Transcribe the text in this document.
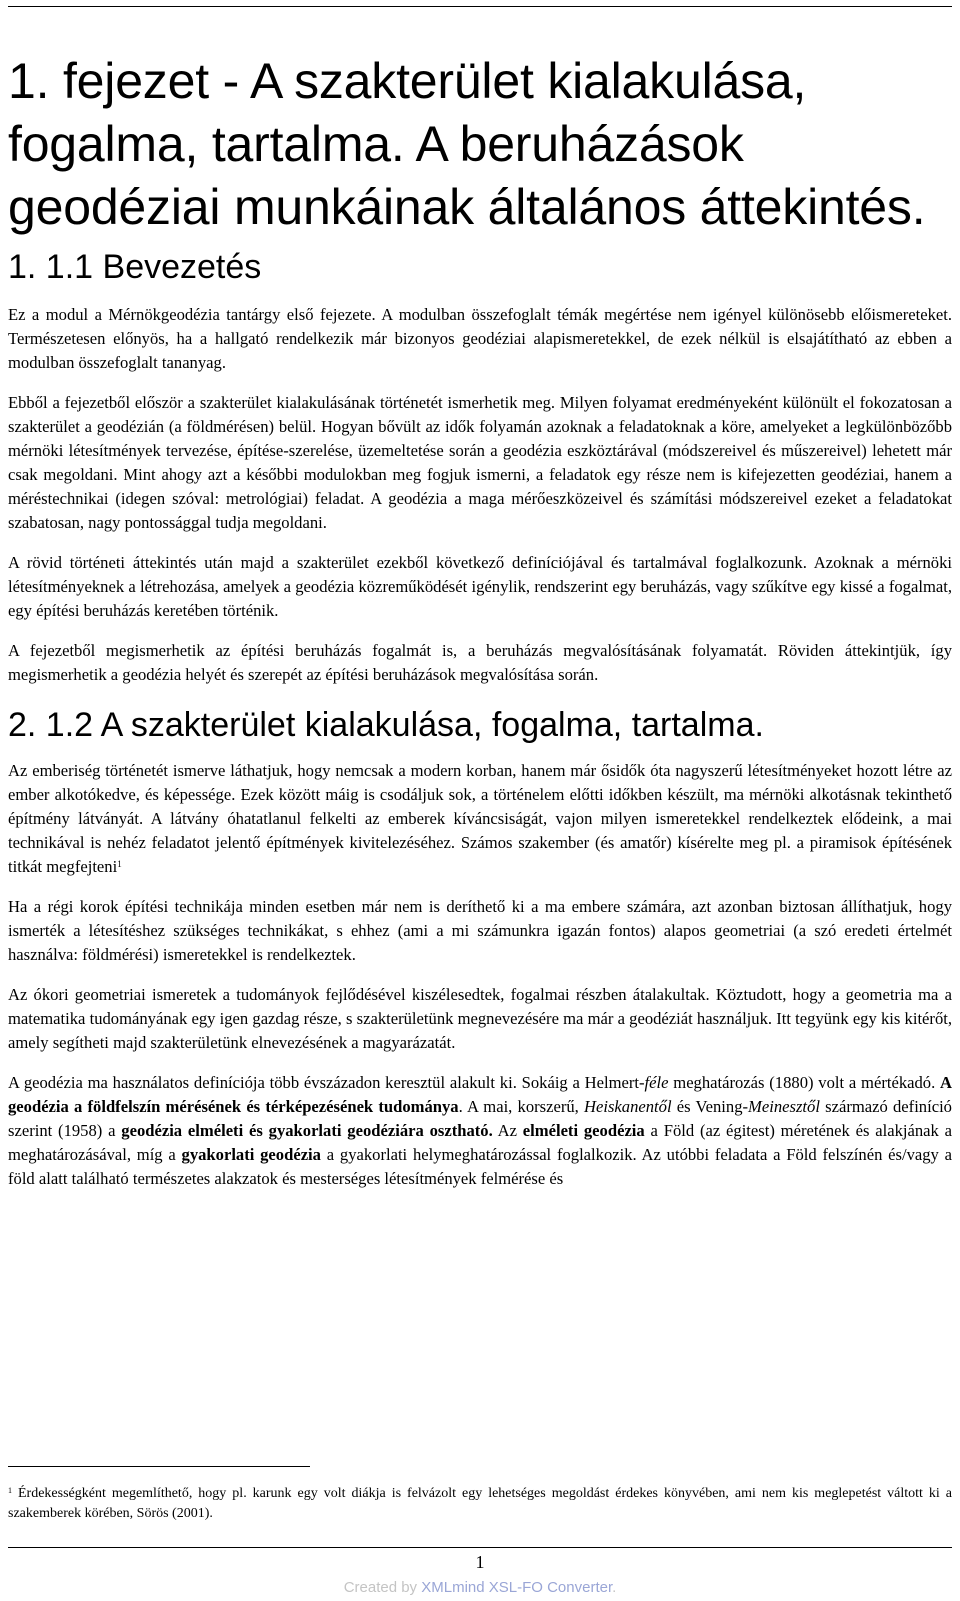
1. fejezet - A szakterület kialakulása, fogalma, tartalma. A beruházások geodéziai munkáinak általános áttekintés.
1. 1.1 Bevezetés

Ez a modul a Mérnökgeodézia tantárgy első fejezete. A modulban összefoglalt témák megértése nem igényel különösebb előismereteket. Természetesen előnyös, ha a hallgató rendelkezik már bizonyos geodéziai alapismeretekkel, de ezek nélkül is elsajátítható az ebben a modulban összefoglalt tananyag.

Ebből a fejezetből először a szakterület kialakulásának történetét ismerhetik meg. Milyen folyamat eredményeként különült el fokozatosan a szakterület a geodézián (a földmérésen) belül. Hogyan bővült az idők folyamán azoknak a feladatoknak a köre, amelyeket a legkülönbözőbb mérnöki létesítmények tervezése, építése-szerelése, üzemeltetése során a geodézia eszköztárával (módszereivel és műszereivel) lehetett már csak megoldani. Mint ahogy azt a későbbi modulokban meg fogjuk ismerni, a feladatok egy része nem is kifejezetten geodéziai, hanem a méréstechnikai (idegen szóval: metrológiai) feladat. A geodézia a maga mérőeszközeivel és számítási módszereivel ezeket a feladatokat szabatosan, nagy pontossággal tudja megoldani.

A rövid történeti áttekintés után majd a szakterület ezekből következő definíciójával és tartalmával foglalkozunk. Azoknak a mérnöki létesítményeknek a létrehozása, amelyek a geodézia közreműködését igénylik, rendszerint egy beruházás, vagy szűkítve egy kissé a fogalmat, egy építési beruházás keretében történik.

A fejezetből megismerhetik az építési beruházás fogalmát is, a beruházás megvalósításának folyamatát. Röviden áttekintjük, így megismerhetik a geodézia helyét és szerepét az építési beruházások megvalósítása során.

2. 1.2 A szakterület kialakulása, fogalma, tartalma.

Az emberiség történetét ismerve láthatjuk, hogy nemcsak a modern korban, hanem már ősidők óta nagyszerű létesítményeket hozott létre az ember alkotókedve, és képessége. Ezek között máig is csodáljuk sok, a történelem előtti időkben készült, ma mérnöki alkotásnak tekinthető építmény látványát. A látvány óhatatlanul felkelti az emberek kíváncsiságát, vajon milyen ismeretekkel rendelkeztek elődeink, a mai technikával is nehéz feladatot jelentő építmények kivitelezéséhez. Számos szakember (és amatőr) kísérelte meg pl. a piramisok építésének titkát megfejteni$^1$

Ha a régi korok építési technikája minden esetben már nem is deríthető ki a ma embere számára, azt azonban biztosan állíthatjuk, hogy ismerték a létesítéshez szükséges technikákat, s ehhez (ami a mi számunkra igazán fontos) alapos geometriai (a szó eredeti értelmét használva: földmérési) ismeretekkel is rendelkeztek.

Az ókori geometriai ismeretek a tudományok fejlődésével kiszélesedtek, fogalmai részben átalakultak. Köztudott, hogy a geometria ma a matematika tudományának egy igen gazdag része, s szakterületünk megnevezésére ma már a geodéziát használjuk. Itt tegyünk egy kis kitérőt, amely segítheti majd szakterületünk elnevezésének a magyarázatát.

A geodézia ma használatos definíciója több évszázadon keresztül alakult ki. Sokáig a Helmert-féle meghatározás (1880) volt a mértékadó. A geodézia a földfelszín mérésének és térképezésének tudománya. A mai, korszerű, Heiskanentől és Vening-Meinesztől származó definíció szerint (1958) a geodézia elméleti és gyakorlati geodéziára osztható. Az elméleti geodézia a Föld (az égitest) méretének és alakjának a meghatározásával, míg a gyakorlati geodézia a gyakorlati helymeghatározással foglalkozik. Az utóbbi feladata a Föld felszínén és/vagy a föld alatt található természetes alakzatok és mesterséges létesítmények felmérése és

$^1$ Érdekességként megemlíthető, hogy pl. karunk egy volt diákja is felvázolt egy lehetséges megoldást érdekes könyvében, ami nem kis meglepetést váltott ki a szakemberek körében, Sörös (2001).
1
Created by XMLmind XSL-FO Converter.
